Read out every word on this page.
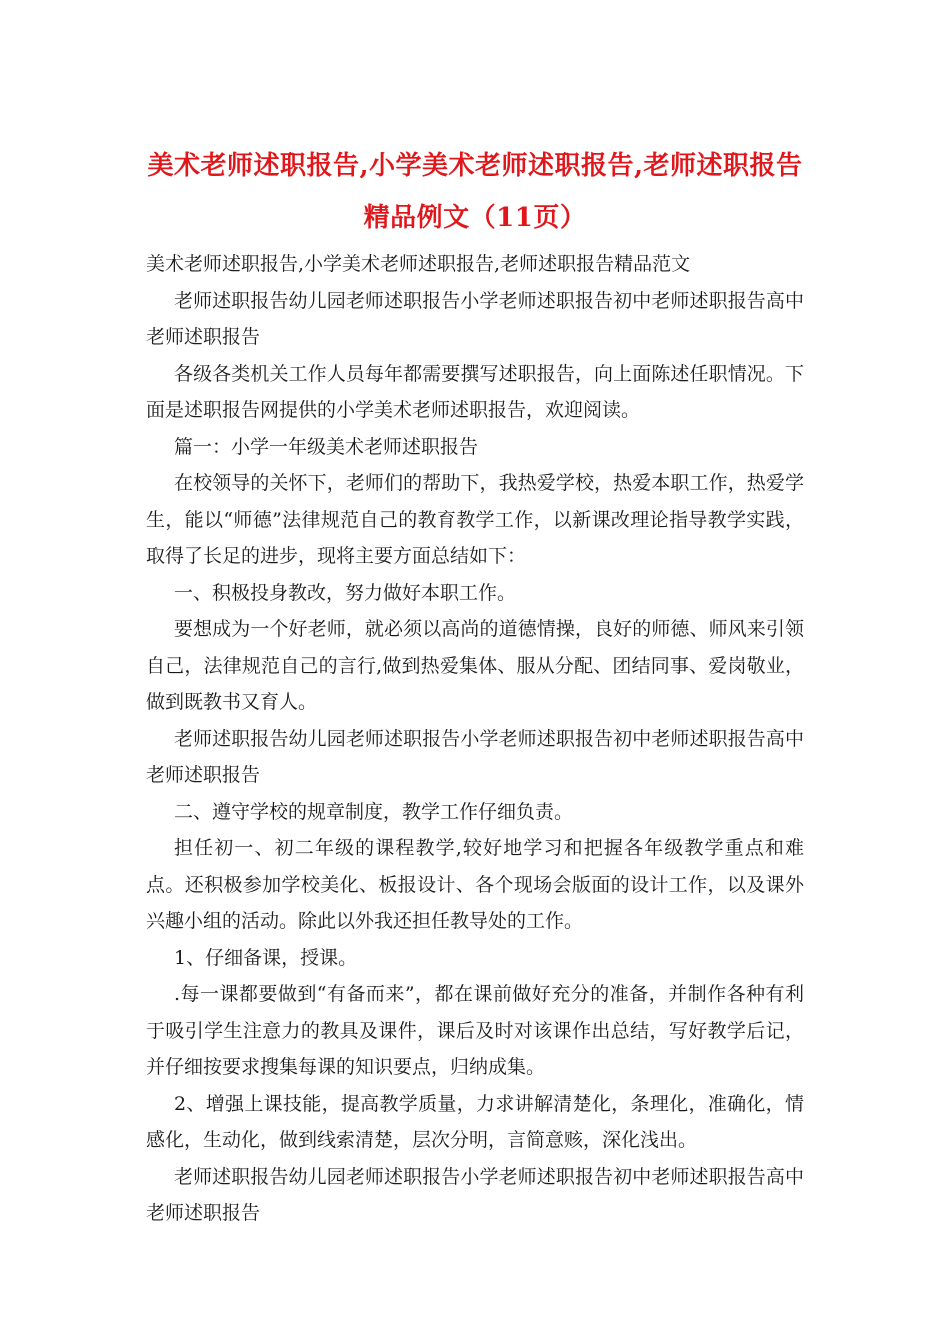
美术老师述职报告,小学美术老师述职报告,老师述职报告精品例文（11页）

美术老师述职报告,小学美术老师述职报告,老师述职报告精品范文

老师述职报告幼儿园老师述职报告小学老师述职报告初中老师述职报告高中老师述职报告

各级各类机关工作人员每年都需要撰写述职报告，向上面陈述任职情况。下面是述职报告网提供的小学美术老师述职报告，欢迎阅读。

篇一：小学一年级美术老师述职报告

在校领导的关怀下，老师们的帮助下，我热爱学校，热爱本职工作，热爱学生，能以“师德”法律规范自己的教育教学工作，以新课改理论指导教学实践，取得了长足的进步，现将主要方面总结如下：

一、积极投身教改，努力做好本职工作。

要想成为一个好老师，就必须以高尚的道德情操，良好的师德、师风来引领自己，法律规范自己的言行,做到热爱集体、服从分配、团结同事、爱岗敬业，做到既教书又育人。

老师述职报告幼儿园老师述职报告小学老师述职报告初中老师述职报告高中老师述职报告

二、遵守学校的规章制度，教学工作仔细负责。

担任初一、初二年级的课程教学,较好地学习和把握各年级教学重点和难点。还积极参加学校美化、板报设计、各个现场会版面的设计工作，以及课外兴趣小组的活动。除此以外我还担任教导处的工作。

1、仔细备课，授课。

.每一课都要做到“有备而来”，都在课前做好充分的准备，并制作各种有利于吸引学生注意力的教具及课件，课后及时对该课作出总结，写好教学后记，并仔细按要求搜集每课的知识要点，归纳成集。

2、增强上课技能，提高教学质量，力求讲解清楚化，条理化，准确化，情感化，生动化，做到线索清楚，层次分明，言简意赅，深化浅出。

老师述职报告幼儿园老师述职报告小学老师述职报告初中老师述职报告高中老师述职报告
